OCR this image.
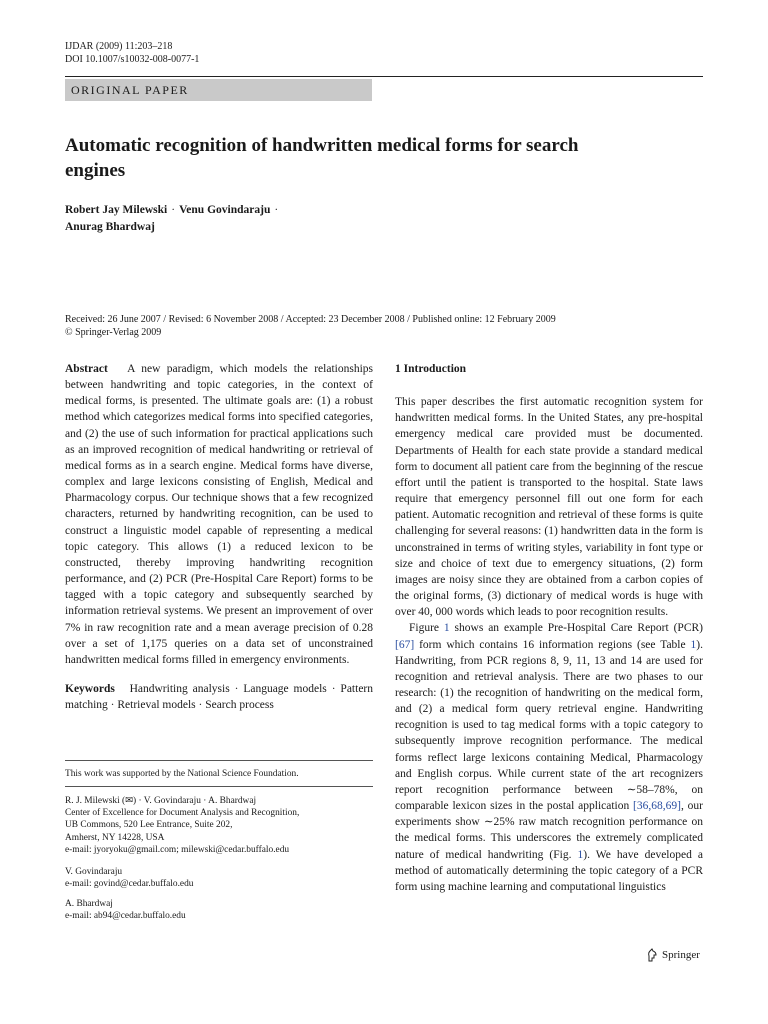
IJDAR (2009) 11:203–218
DOI 10.1007/s10032-008-0077-1
ORIGINAL PAPER
Automatic recognition of handwritten medical forms for search engines
Robert Jay Milewski · Venu Govindaraju ·
Anurag Bhardwaj
Received: 26 June 2007 / Revised: 6 November 2008 / Accepted: 23 December 2008 / Published online: 12 February 2009
© Springer-Verlag 2009

Abstract A new paradigm, which models the relationships between handwriting and topic categories, in the context of medical forms, is presented. The ultimate goals are: (1) a robust method which categorizes medical forms into specified categories, and (2) the use of such information for practical applications such as an improved recognition of medical handwriting or retrieval of medical forms as in a search engine. Medical forms have diverse, complex and large lexicons consisting of English, Medical and Pharmacology corpus. Our technique shows that a few recognized characters, returned by handwriting recognition, can be used to construct a linguistic model capable of representing a medical topic category. This allows (1) a reduced lexicon to be constructed, thereby improving handwriting recognition performance, and (2) PCR (Pre-Hospital Care Report) forms to be tagged with a topic category and subsequently searched by information retrieval systems. We present an improvement of over 7% in raw recognition rate and a mean average precision of 0.28 over a set of 1,175 queries on a data set of unconstrained handwritten medical forms filled in emergency environments.

Keywords Handwriting analysis · Language models · Pattern matching · Retrieval models · Search process

This work was supported by the National Science Foundation.
R. J. Milewski (✉) · V. Govindaraju · A. Bhardwaj
Center of Excellence for Document Analysis and Recognition,
UB Commons, 520 Lee Entrance, Suite 202,
Amherst, NY 14228, USA
e-mail: jyoryoku@gmail.com; milewski@cedar.buffalo.edu
V. Govindaraju
e-mail: govind@cedar.buffalo.edu
A. Bhardwaj
e-mail: ab94@cedar.buffalo.edu

1 Introduction

This paper describes the first automatic recognition system for handwritten medical forms. In the United States, any pre-hospital emergency medical care provided must be documented. Departments of Health for each state provide a standard medical form to document all patient care from the beginning of the rescue effort until the patient is transported to the hospital. State laws require that emergency personnel fill out one form for each patient. Automatic recognition and retrieval of these forms is quite challenging for several reasons: (1) handwritten data in the form is unconstrained in terms of writing styles, variability in font type or size and choice of text due to emergency situations, (2) form images are noisy since they are obtained from a carbon copies of the original forms, (3) dictionary of medical words is huge with over 40, 000 words which leads to poor recognition results.

Figure 1 shows an example Pre-Hospital Care Report (PCR) [67] form which contains 16 information regions (see Table 1). Handwriting, from PCR regions 8, 9, 11, 13 and 14 are used for recognition and retrieval analysis. There are two phases to our research: (1) the recognition of handwriting on the medical form, and (2) a medical form query retrieval engine. Handwriting recognition is used to tag medical forms with a topic category to subsequently improve recognition performance. The medical forms reflect large lexicons containing Medical, Pharmacology and English corpus. While current state of the art recognizers report recognition performance between ∼58–78%, on comparable lexicon sizes in the postal application [36,68,69], our experiments show ∼25% raw match recognition performance on the medical forms. This underscores the extremely complicated nature of medical handwriting (Fig. 1). We have developed a method of automatically determining the topic category of a PCR form using machine learning and computational linguistics

Springer
